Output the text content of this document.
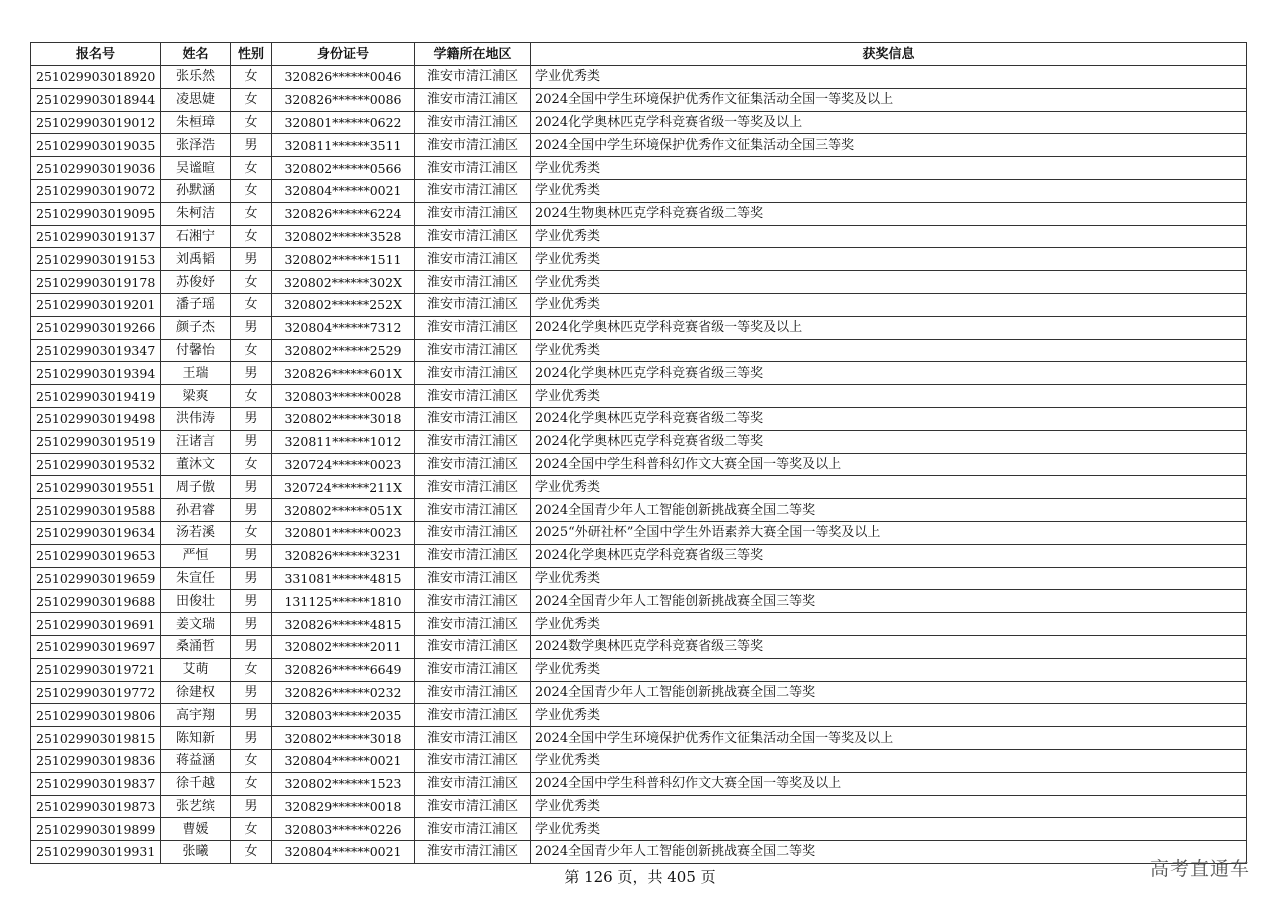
报名号	姓名	性别	身份证号	学籍所在地区	获奖信息
251029903018920	张乐然	女	320826******0046	淮安市清江浦区	学业优秀类
251029903018944	凌思婕	女	320826******0086	淮安市清江浦区	2024全国中学生环境保护优秀作文征集活动全国一等奖及以上
251029903019012	朱桓璋	女	320801******0622	淮安市清江浦区	2024化学奥林匹克学科竞赛省级一等奖及以上
251029903019035	张泽浩	男	320811******3511	淮安市清江浦区	2024全国中学生环境保护优秀作文征集活动全国三等奖
251029903019036	吴谧暄	女	320802******0566	淮安市清江浦区	学业优秀类
251029903019072	孙默涵	女	320804******0021	淮安市清江浦区	学业优秀类
251029903019095	朱柯洁	女	320826******6224	淮安市清江浦区	2024生物奥林匹克学科竞赛省级二等奖
251029903019137	石湘宁	女	320802******3528	淮安市清江浦区	学业优秀类
251029903019153	刘禹韬	男	320802******1511	淮安市清江浦区	学业优秀类
251029903019178	苏俊妤	女	320802******302X	淮安市清江浦区	学业优秀类
251029903019201	潘子瑶	女	320802******252X	淮安市清江浦区	学业优秀类
251029903019266	颜子杰	男	320804******7312	淮安市清江浦区	2024化学奥林匹克学科竞赛省级一等奖及以上
251029903019347	付馨怡	女	320802******2529	淮安市清江浦区	学业优秀类
251029903019394	王瑞	男	320826******601X	淮安市清江浦区	2024化学奥林匹克学科竞赛省级三等奖
251029903019419	梁爽	女	320803******0028	淮安市清江浦区	学业优秀类
251029903019498	洪伟涛	男	320802******3018	淮安市清江浦区	2024化学奥林匹克学科竞赛省级二等奖
251029903019519	汪诸言	男	320811******1012	淮安市清江浦区	2024化学奥林匹克学科竞赛省级二等奖
251029903019532	董沐文	女	320724******0023	淮安市清江浦区	2024全国中学生科普科幻作文大赛全国一等奖及以上
251029903019551	周子傲	男	320724******211X	淮安市清江浦区	学业优秀类
251029903019588	孙君睿	男	320802******051X	淮安市清江浦区	2024全国青少年人工智能创新挑战赛全国二等奖
251029903019634	汤若溪	女	320801******0023	淮安市清江浦区	2025“外研社杯”全国中学生外语素养大赛全国一等奖及以上
251029903019653	严恒	男	320826******3231	淮安市清江浦区	2024化学奥林匹克学科竞赛省级三等奖
251029903019659	朱宣任	男	331081******4815	淮安市清江浦区	学业优秀类
251029903019688	田俊壮	男	131125******1810	淮安市清江浦区	2024全国青少年人工智能创新挑战赛全国三等奖
251029903019691	姜文瑞	男	320826******4815	淮安市清江浦区	学业优秀类
251029903019697	桑涌哲	男	320802******2011	淮安市清江浦区	2024数学奥林匹克学科竞赛省级三等奖
251029903019721	艾萌	女	320826******6649	淮安市清江浦区	学业优秀类
251029903019772	徐建权	男	320826******0232	淮安市清江浦区	2024全国青少年人工智能创新挑战赛全国二等奖
251029903019806	高宇翔	男	320803******2035	淮安市清江浦区	学业优秀类
251029903019815	陈知新	男	320802******3018	淮安市清江浦区	2024全国中学生环境保护优秀作文征集活动全国一等奖及以上
251029903019836	蒋益涵	女	320804******0021	淮安市清江浦区	学业优秀类
251029903019837	徐千越	女	320802******1523	淮安市清江浦区	2024全国中学生科普科幻作文大赛全国一等奖及以上
251029903019873	张艺缤	男	320829******0018	淮安市清江浦区	学业优秀类
251029903019899	曹媛	女	320803******0226	淮安市清江浦区	学业优秀类
251029903019931	张曦	女	320804******0021	淮安市清江浦区	2024全国青少年人工智能创新挑战赛全国二等奖
第 126 页，共 405 页	高考直通车
